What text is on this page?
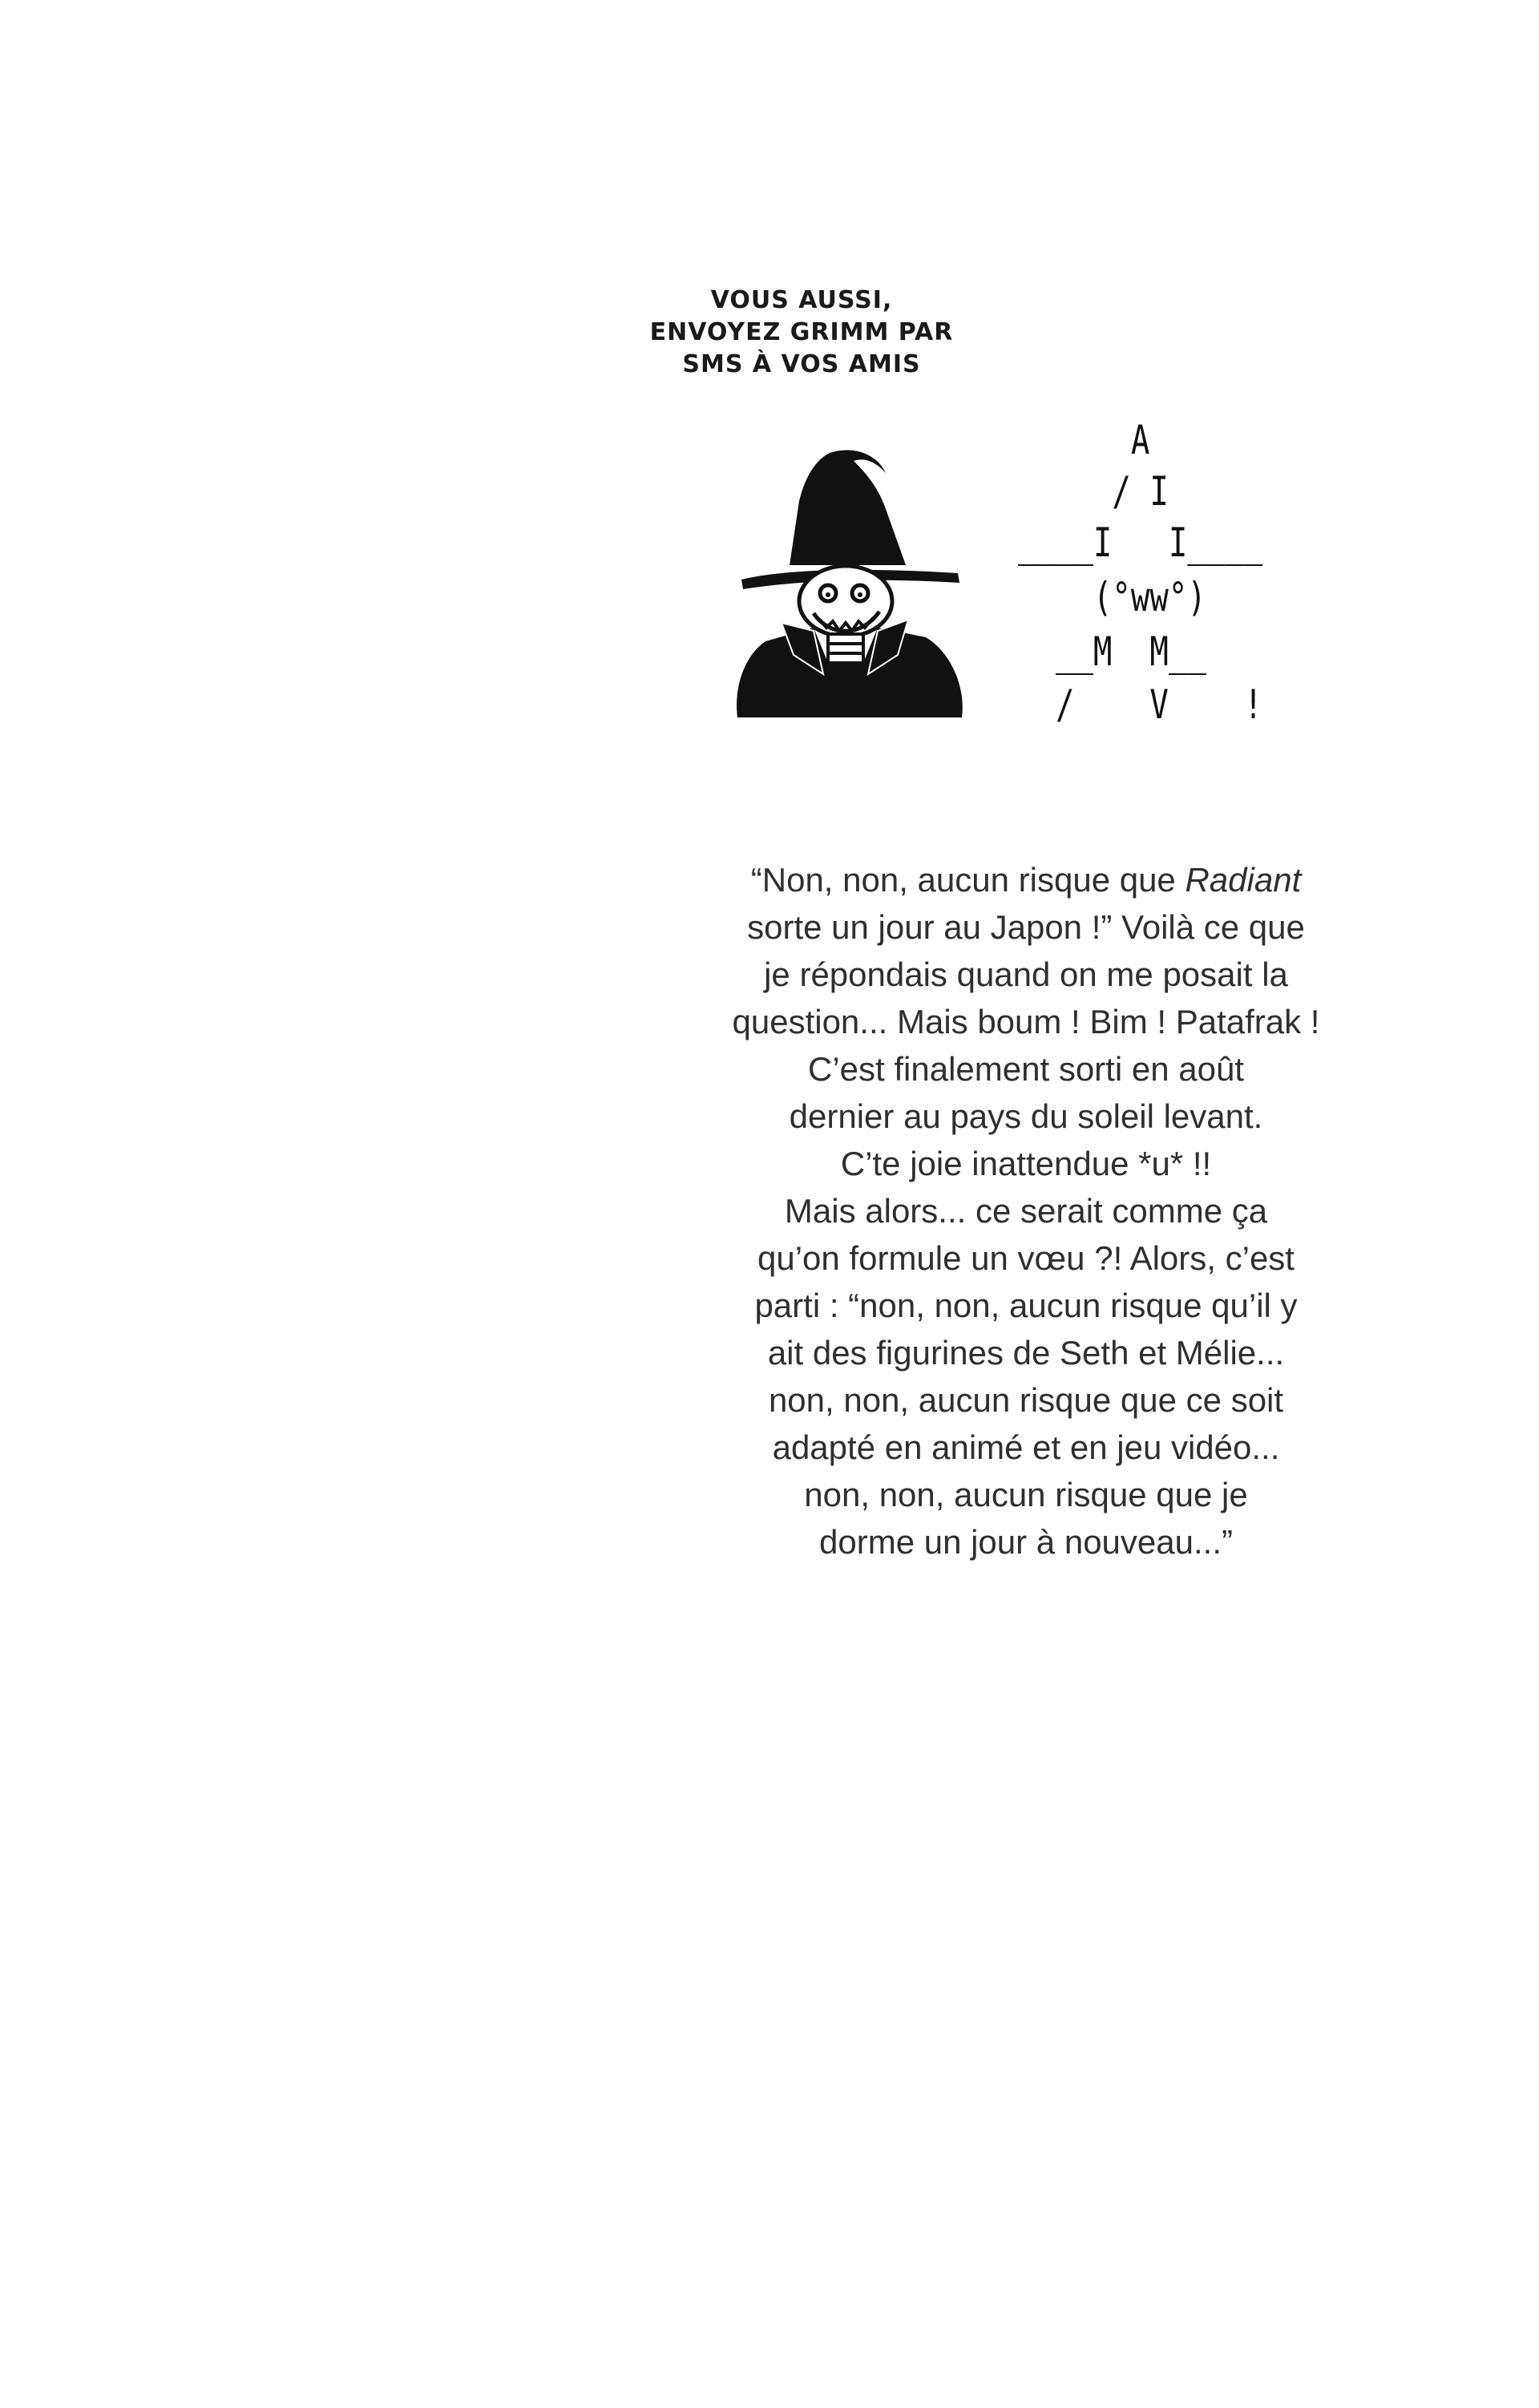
VOUS AUSSI,
ENVOYEZ GRIMM PAR
SMS À VOS AMIS
A
/ I
____I   I____
(°ww°)
__M  M__
/    V    !
“Non, non, aucun risque que Radiant
sorte un jour au Japon !” Voilà ce que
je répondais quand on me posait la
question... Mais boum ! Bim ! Patafrak !
C’est finalement sorti en août
dernier au pays du soleil levant.
C’te joie inattendue *u* !!
Mais alors... ce serait comme ça
qu’on formule un vœu ?! Alors, c’est
parti : “non, non, aucun risque qu’il y
ait des figurines de Seth et Mélie...
non, non, aucun risque que ce soit
adapté en animé et en jeu vidéo...
non, non, aucun risque que je
dorme un jour à nouveau...”
